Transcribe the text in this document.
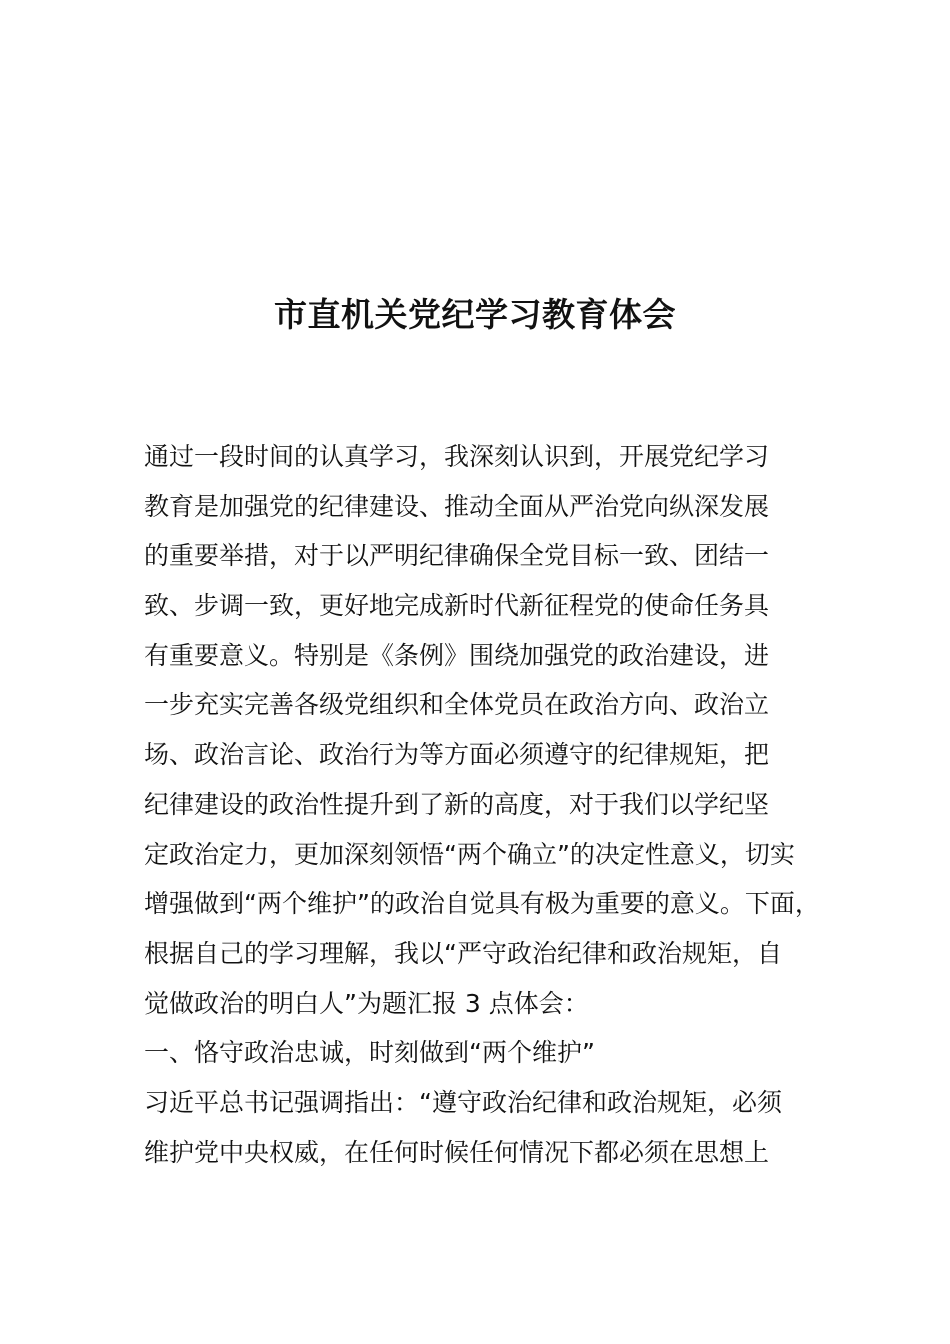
市直机关党纪学习教育体会
通过一段时间的认真学习，我深刻认识到，开展党纪学习
教育是加强党的纪律建设、推动全面从严治党向纵深发展
的重要举措，对于以严明纪律确保全党目标一致、团结一
致、步调一致，更好地完成新时代新征程党的使命任务具
有重要意义。特别是《条例》围绕加强党的政治建设，进
一步充实完善各级党组织和全体党员在政治方向、政治立
场、政治言论、政治行为等方面必须遵守的纪律规矩，把
纪律建设的政治性提升到了新的高度，对于我们以学纪坚
定政治定力，更加深刻领悟“两个确立”的决定性意义，切实
增强做到“两个维护”的政治自觉具有极为重要的意义。下面，
根据自己的学习理解，我以“严守政治纪律和政治规矩，自
觉做政治的明白人”为题汇报 3 点体会：
一、恪守政治忠诚，时刻做到“两个维护”
习近平总书记强调指出：“遵守政治纪律和政治规矩，必须
维护党中央权威，在任何时候任何情况下都必须在思想上
